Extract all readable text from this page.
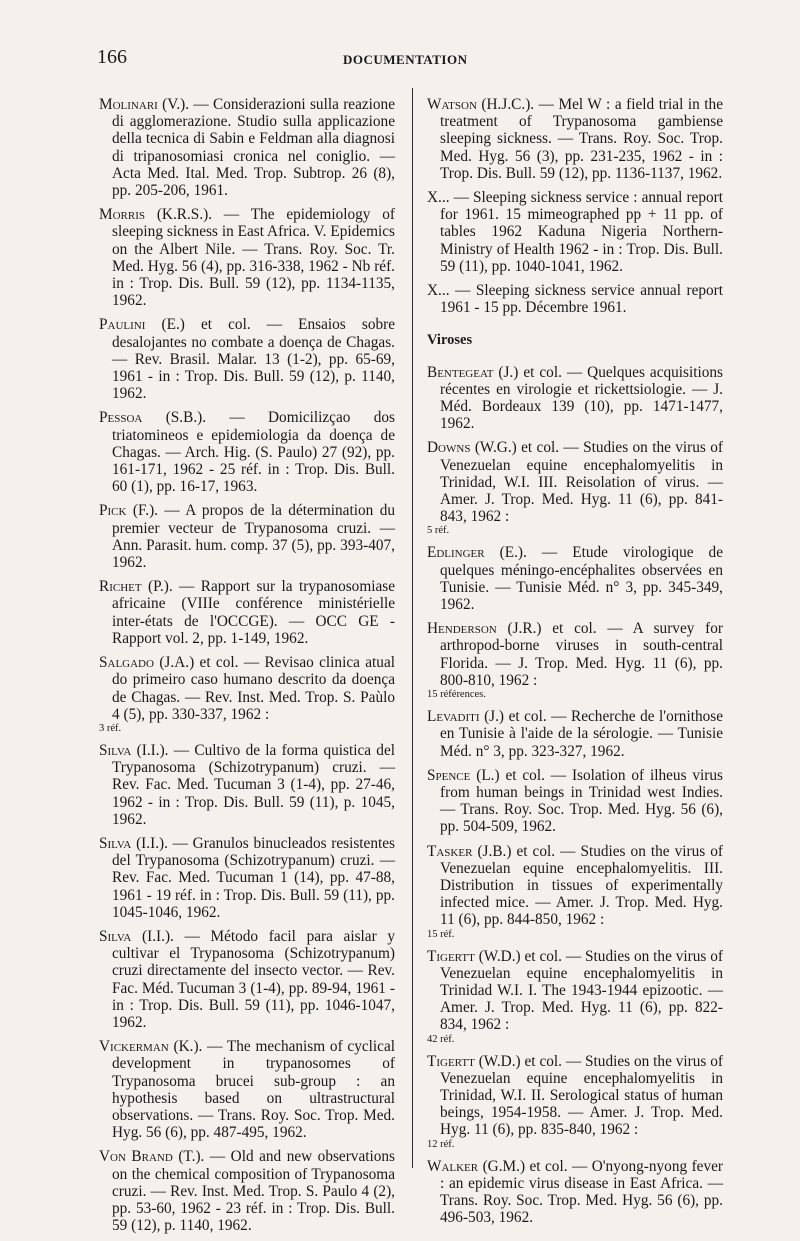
166	DOCUMENTATION

Molinari (V.). — Considerazioni sulla reazione di agglomerazione. Studio sulla applicazione della tecnica di Sabin e Feldman alla diagnosi di tripanosomiasi cronica nel coniglio. — Acta Med. Ital. Med. Trop. Subtrop. 26 (8), pp. 205-206, 1961.

Morris (K.R.S.). — The epidemiology of sleeping sickness in East Africa. V. Epidemics on the Albert Nile. — Trans. Roy. Soc. Tr. Med. Hyg. 56 (4), pp. 316-338, 1962 - Nb réf. in : Trop. Dis. Bull. 59 (12), pp. 1134-1135, 1962.

Paulini (E.) et col. — Ensaios sobre desalojantes no combate a doença de Chagas. — Rev. Brasil. Malar. 13 (1-2), pp. 65-69, 1961 - in : Trop. Dis. Bull. 59 (12), p. 1140, 1962.

Pessoa (S.B.). — Domicilizçao dos triatomineos e epidemiologia da doença de Chagas. — Arch. Hig. (S. Paulo) 27 (92), pp. 161-171, 1962 - 25 réf. in : Trop. Dis. Bull. 60 (1), pp. 16-17, 1963.

Pick (F.). — A propos de la détermination du premier vecteur de Trypanosoma cruzi. — Ann. Parasit. hum. comp. 37 (5), pp. 393-407, 1962.

Richet (P.). — Rapport sur la trypanosomiase africaine (VIIIe conférence ministérielle inter-états de l'OCCGE). — OCC GE - Rapport vol. 2, pp. 1-149, 1962.

Salgado (J.A.) et col. — Revisao clinica atual do primeiro caso humano descrito da doença de Chagas. — Rev. Inst. Med. Trop. S. Paùlo 4 (5), pp. 330-337, 1962 :
3 réf.

Silva (I.I.). — Cultivo de la forma quistica del Trypanosoma (Schizotrypanum) cruzi. — Rev. Fac. Med. Tucuman 3 (1-4), pp. 27-46, 1962 - in : Trop. Dis. Bull. 59 (11), p. 1045, 1962.

Silva (I.I.). — Granulos binucleados resistentes del Trypanosoma (Schizotrypanum) cruzi. — Rev. Fac. Med. Tucuman 1 (14), pp. 47-88, 1961 - 19 réf. in : Trop. Dis. Bull. 59 (11), pp. 1045-1046, 1962.

Silva (I.I.). — Método facil para aislar y cultivar el Trypanosoma (Schizotrypanum) cruzi directamente del insecto vector. — Rev. Fac. Méd. Tucuman 3 (1-4), pp. 89-94, 1961 - in : Trop. Dis. Bull. 59 (11), pp. 1046-1047, 1962.

Vickerman (K.). — The mechanism of cyclical development in trypanosomes of Trypanosoma brucei sub-group : an hypothesis based on ultrastructural observations. — Trans. Roy. Soc. Trop. Med. Hyg. 56 (6), pp. 487-495, 1962.

Von Brand (T.). — Old and new observations on the chemical composition of Trypanosoma cruzi. — Rev. Inst. Med. Trop. S. Paulo 4 (2), pp. 53-60, 1962 - 23 réf. in : Trop. Dis. Bull. 59 (12), p. 1140, 1962.

Watson (H.J.C.). — Mel W : a field trial in the treatment of Trypanosoma gambiense sleeping sickness. — Trans. Roy. Soc. Trop. Med. Hyg. 56 (3), pp. 231-235, 1962 - in : Trop. Dis. Bull. 59 (12), pp. 1136-1137, 1962.

X... — Sleeping sickness service : annual report for 1961. 15 mimeographed pp + 11 pp. of tables 1962 Kaduna Nigeria Northern-Ministry of Health 1962 - in : Trop. Dis. Bull. 59 (11), pp. 1040-1041, 1962.

X... — Sleeping sickness service annual report 1961 - 15 pp. Décembre 1961.

Viroses

Bentegeat (J.) et col. — Quelques acquisitions récentes en virologie et rickettsiologie. — J. Méd. Bordeaux 139 (10), pp. 1471-1477, 1962.

Downs (W.G.) et col. — Studies on the virus of Venezuelan equine encephalomyelitis in Trinidad, W.I. III. Reisolation of virus. — Amer. J. Trop. Med. Hyg. 11 (6), pp. 841-843, 1962 :
5 réf.

Edlinger (E.). — Etude virologique de quelques méningo-encéphalites observées en Tunisie. — Tunisie Méd. n° 3, pp. 345-349, 1962.

Henderson (J.R.) et col. — A survey for arthropod-borne viruses in south-central Florida. — J. Trop. Med. Hyg. 11 (6), pp. 800-810, 1962 :
15 références.

Levaditi (J.) et col. — Recherche de l'ornithose en Tunisie à l'aide de la sérologie. — Tunisie Méd. n° 3, pp. 323-327, 1962.

Spence (L.) et col. — Isolation of ilheus virus from human beings in Trinidad west Indies. — Trans. Roy. Soc. Trop. Med. Hyg. 56 (6), pp. 504-509, 1962.

Tasker (J.B.) et col. — Studies on the virus of Venezuelan equine encephalomyelitis. III. Distribution in tissues of experimentally infected mice. — Amer. J. Trop. Med. Hyg. 11 (6), pp. 844-850, 1962 :
15 réf.

Tigertt (W.D.) et col. — Studies on the virus of Venezuelan equine encephalomyelitis in Trinidad W.I. I. The 1943-1944 epizootic. — Amer. J. Trop. Med. Hyg. 11 (6), pp. 822-834, 1962 :
42 réf.

Tigertt (W.D.) et col. — Studies on the virus of Venezuelan equine encephalomyelitis in Trinidad, W.I. II. Serological status of human beings, 1954-1958. — Amer. J. Trop. Med. Hyg. 11 (6), pp. 835-840, 1962 :
12 réf.

Walker (G.M.) et col. — O'nyong-nyong fever : an epidemic virus disease in East Africa. — Trans. Roy. Soc. Trop. Med. Hyg. 56 (6), pp. 496-503, 1962.
